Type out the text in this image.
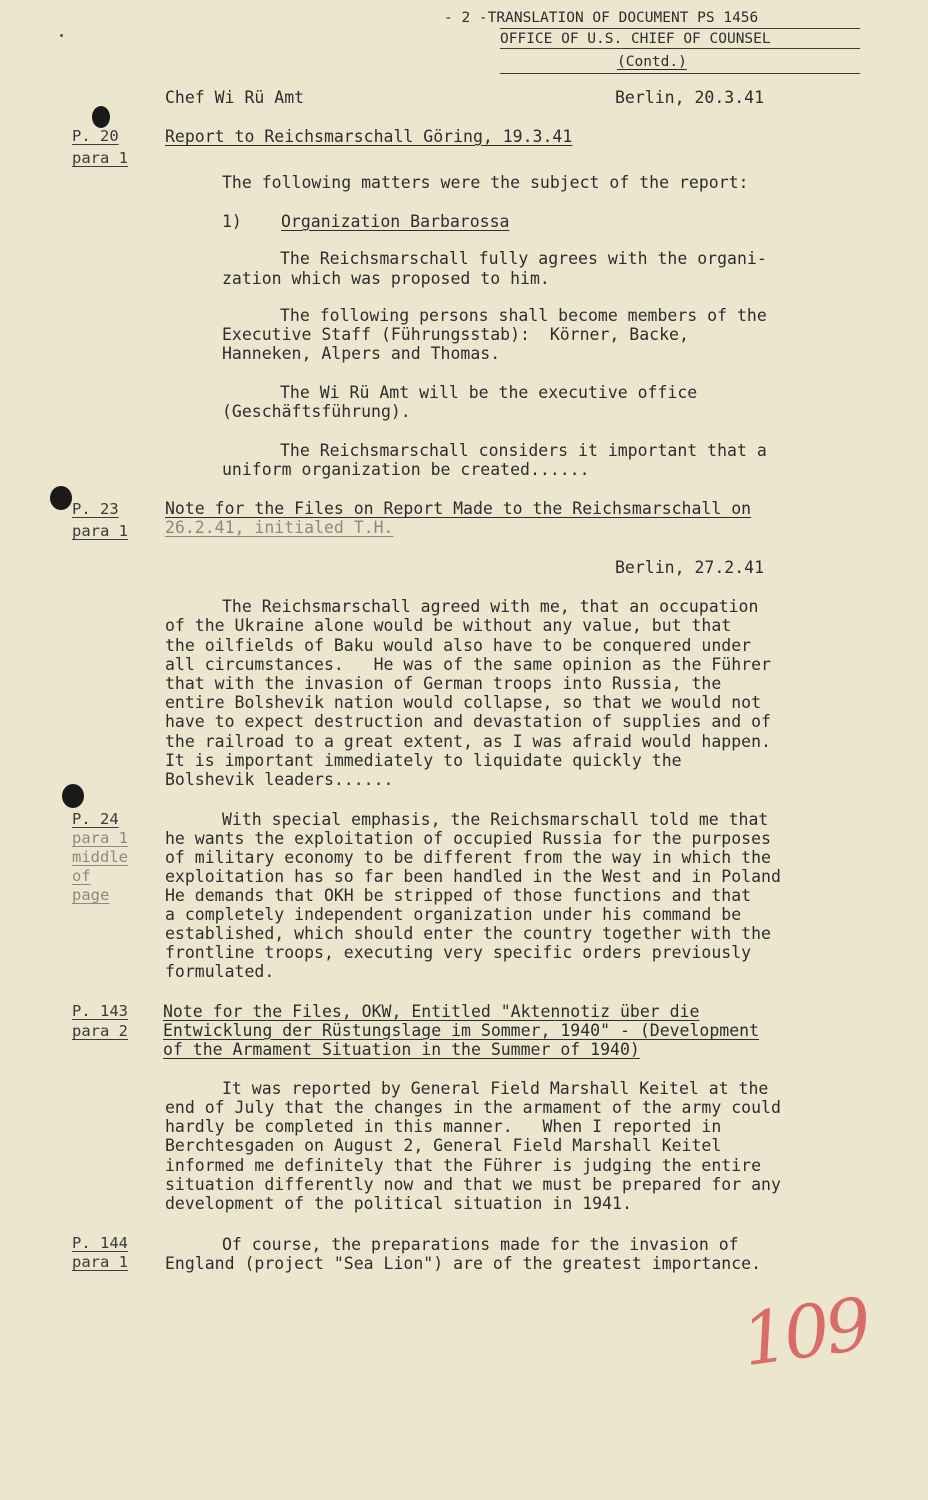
- 2 -TRANSLATION OF DOCUMENT PS 1456
OFFICE OF U.S. CHIEF OF COUNSEL
(Contd.)
Chef Wi Rü Amt	Berlin, 20.3.41
P. 20
para 1
Report to Reichsmarschall Göring, 19.3.41
The following matters were the subject of the report:
1) Organization Barbarossa
The Reichsmarschall fully agrees with the organi-
zation which was proposed to him.
The following persons shall become members of the
Executive Staff (Führungsstab):  Körner, Backe,
Hanneken, Alpers and Thomas.
The Wi Rü Amt will be the executive office
(Geschäftsführung).
The Reichsmarschall considers it important that a
uniform organization be created......
P. 23
para 1
Note for the Files on Report Made to the Reichsmarschall on
26.2.41, initialed T.H.
Berlin, 27.2.41
The Reichsmarschall agreed with me, that an occupation
of the Ukraine alone would be without any value, but that
the oilfields of Baku would also have to be conquered under
all circumstances.   He was of the same opinion as the Führer
that with the invasion of German troops into Russia, the
entire Bolshevik nation would collapse, so that we would not
have to expect destruction and devastation of supplies and of
the railroad to a great extent, as I was afraid would happen.
It is important immediately to liquidate quickly the
Bolshevik leaders......
P. 24
para 1
middle
of
page
With special emphasis, the Reichsmarschall told me that
he wants the exploitation of occupied Russia for the purposes
of military economy to be different from the way in which the
exploitation has so far been handled in the West and in Poland
He demands that OKH be stripped of those functions and that
a completely independent organization under his command be
established, which should enter the country together with the
frontline troops, executing very specific orders previously
formulated.
P. 143
para 2
Note for the Files, OKW, Entitled "Aktennotiz über die
Entwicklung der Rüstungslage im Sommer, 1940" - (Development
of the Armament Situation in the Summer of 1940)
It was reported by General Field Marshall Keitel at the
end of July that the changes in the armament of the army could
hardly be completed in this manner.   When I reported in
Berchtesgaden on August 2, General Field Marshall Keitel
informed me definitely that the Führer is judging the entire
situation differently now and that we must be prepared for any
development of the political situation in 1941.
P. 144
para 1
Of course, the preparations made for the invasion of
England (project "Sea Lion") are of the greatest importance.
109
